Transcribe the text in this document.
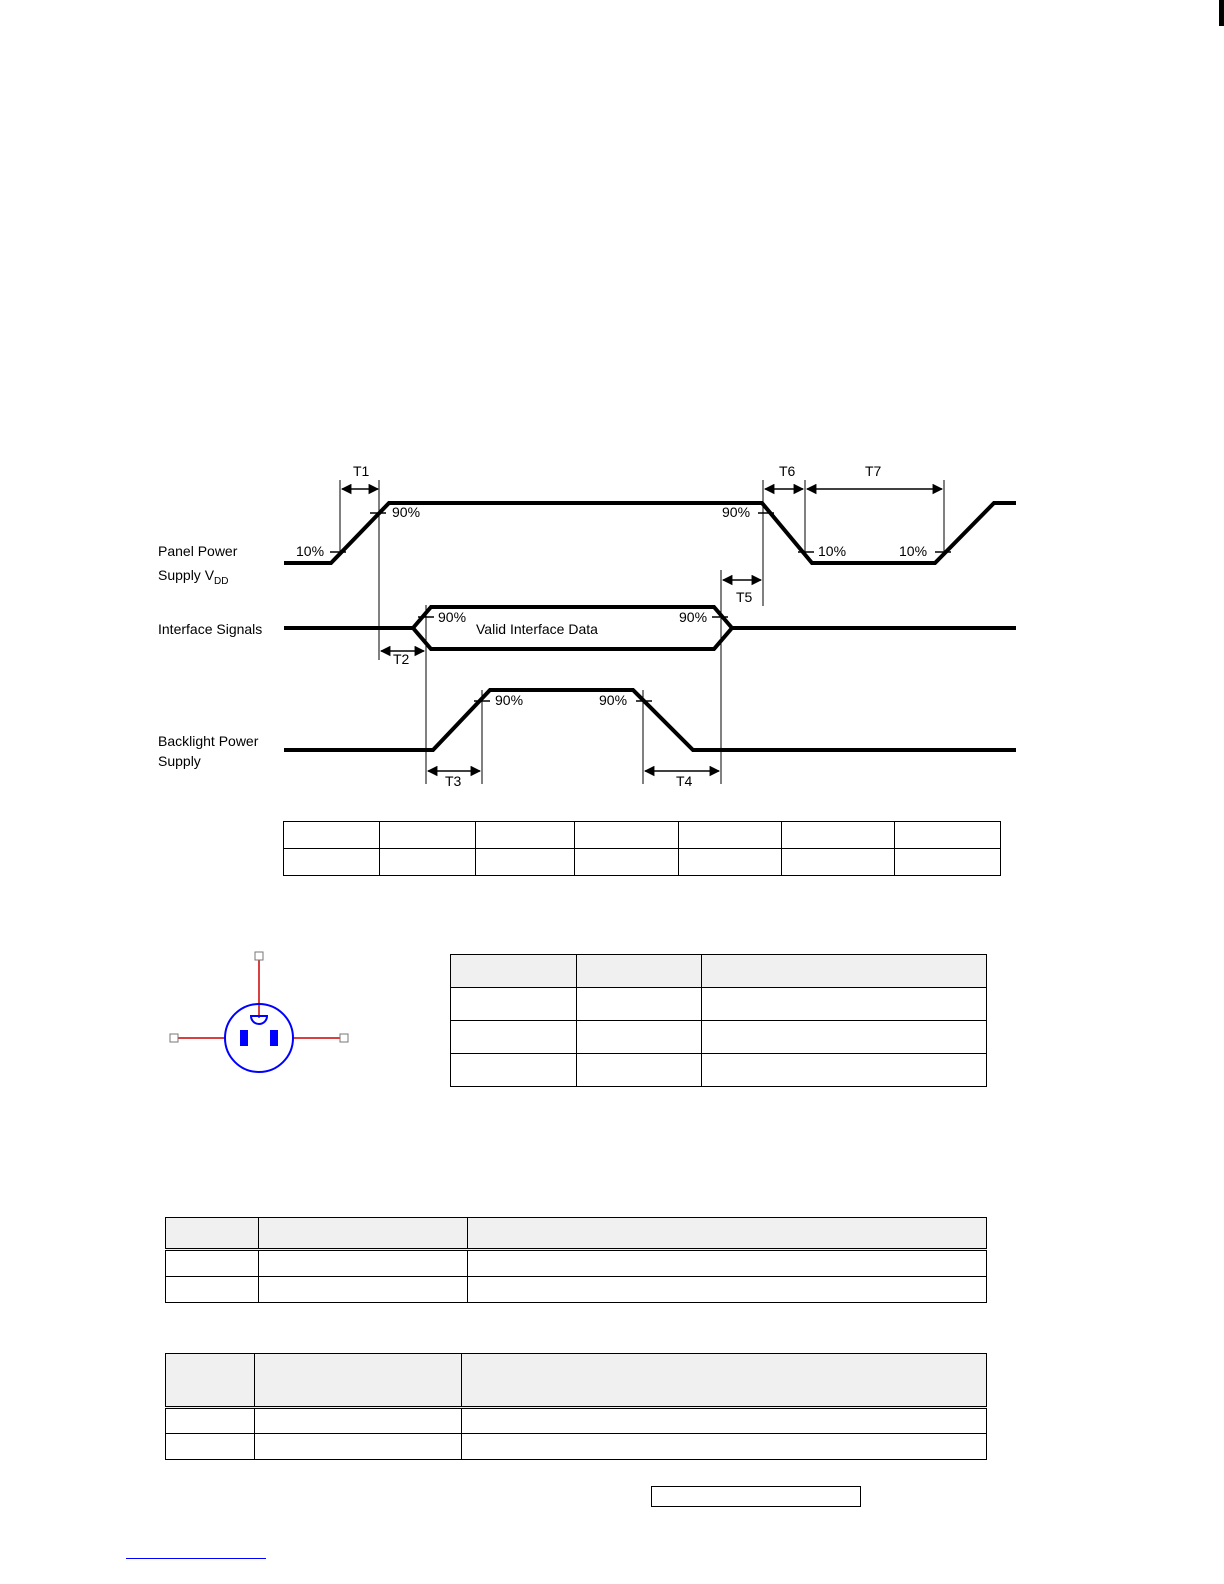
Panel Power
Supply $V_{DD}$
Interface Signals
Backlight Power
Supply
10%
90%	90%
10%	10%
90%	90%
Valid Interface Data
90%	90%
T1
T2
T3	T4
T5
T6	T7
